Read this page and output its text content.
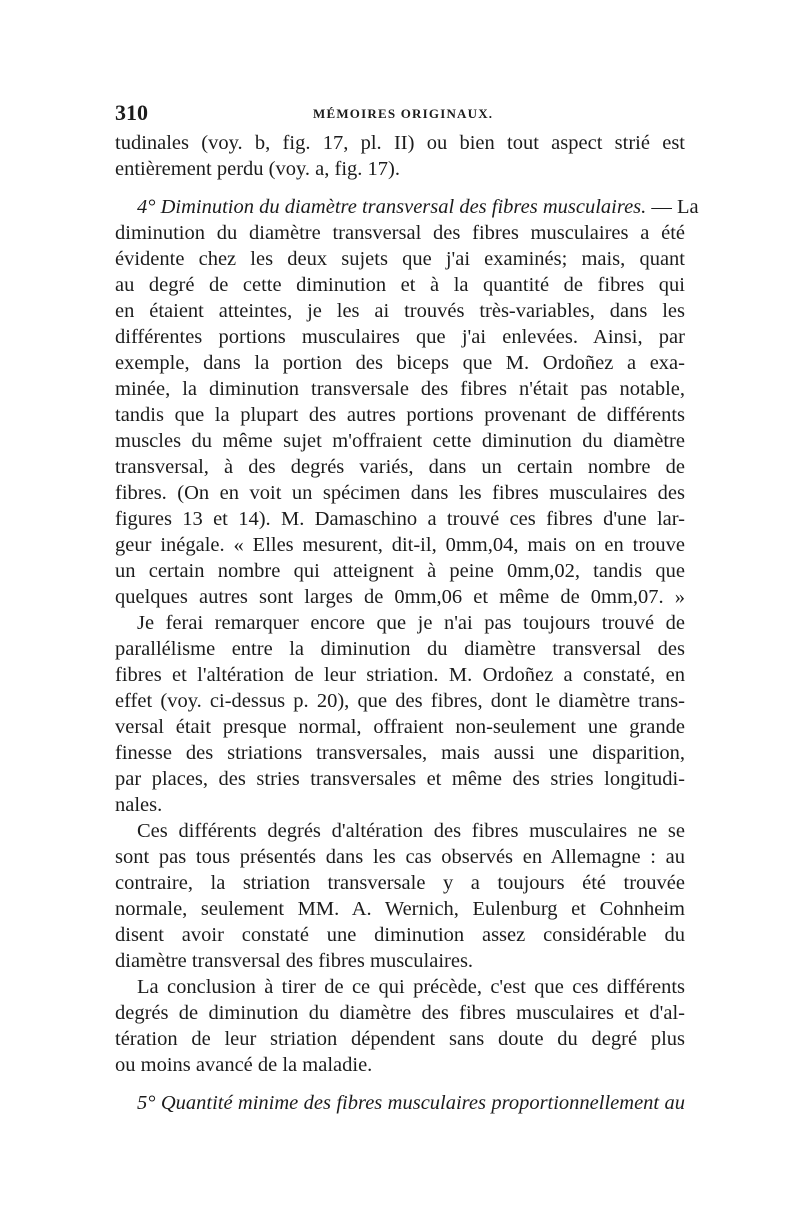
310	MÉMOIRES ORIGINAUX.
tudinales (voy. b, fig. 17, pl. II) ou bien tout aspect strié est
entièrement perdu (voy. a, fig. 17).
4° Diminution du diamètre transversal des fibres musculaires. — La
diminution du diamètre transversal des fibres musculaires a été
évidente chez les deux sujets que j'ai examinés; mais, quant
au degré de cette diminution et à la quantité de fibres qui
en étaient atteintes, je les ai trouvés très-variables, dans les
différentes portions musculaires que j'ai enlevées. Ainsi, par
exemple, dans la portion des biceps que M. Ordoñez a exa-
minée, la diminution transversale des fibres n'était pas notable,
tandis que la plupart des autres portions provenant de différents
muscles du même sujet m'offraient cette diminution du diamètre
transversal, à des degrés variés, dans un certain nombre de
fibres. (On en voit un spécimen dans les fibres musculaires des
figures 13 et 14). M. Damaschino a trouvé ces fibres d'une lar-
geur inégale. « Elles mesurent, dit-il, 0mm,04, mais on en trouve
un certain nombre qui atteignent à peine 0mm,02, tandis que
quelques autres sont larges de 0mm,06 et même de 0mm,07. »
Je ferai remarquer encore que je n'ai pas toujours trouvé de
parallélisme entre la diminution du diamètre transversal des
fibres et l'altération de leur striation. M. Ordoñez a constaté, en
effet (voy. ci-dessus p. 20), que des fibres, dont le diamètre trans-
versal était presque normal, offraient non-seulement une grande
finesse des striations transversales, mais aussi une disparition,
par places, des stries transversales et même des stries longitudi-
nales.
Ces différents degrés d'altération des fibres musculaires ne se
sont pas tous présentés dans les cas observés en Allemagne : au
contraire, la striation transversale y a toujours été trouvée
normale, seulement MM. A. Wernich, Eulenburg et Cohnheim
disent avoir constaté une diminution assez considérable du
diamètre transversal des fibres musculaires.
La conclusion à tirer de ce qui précède, c'est que ces différents
degrés de diminution du diamètre des fibres musculaires et d'al-
tération de leur striation dépendent sans doute du degré plus
ou moins avancé de la maladie.
5° Quantité minime des fibres musculaires proportionnellement au
